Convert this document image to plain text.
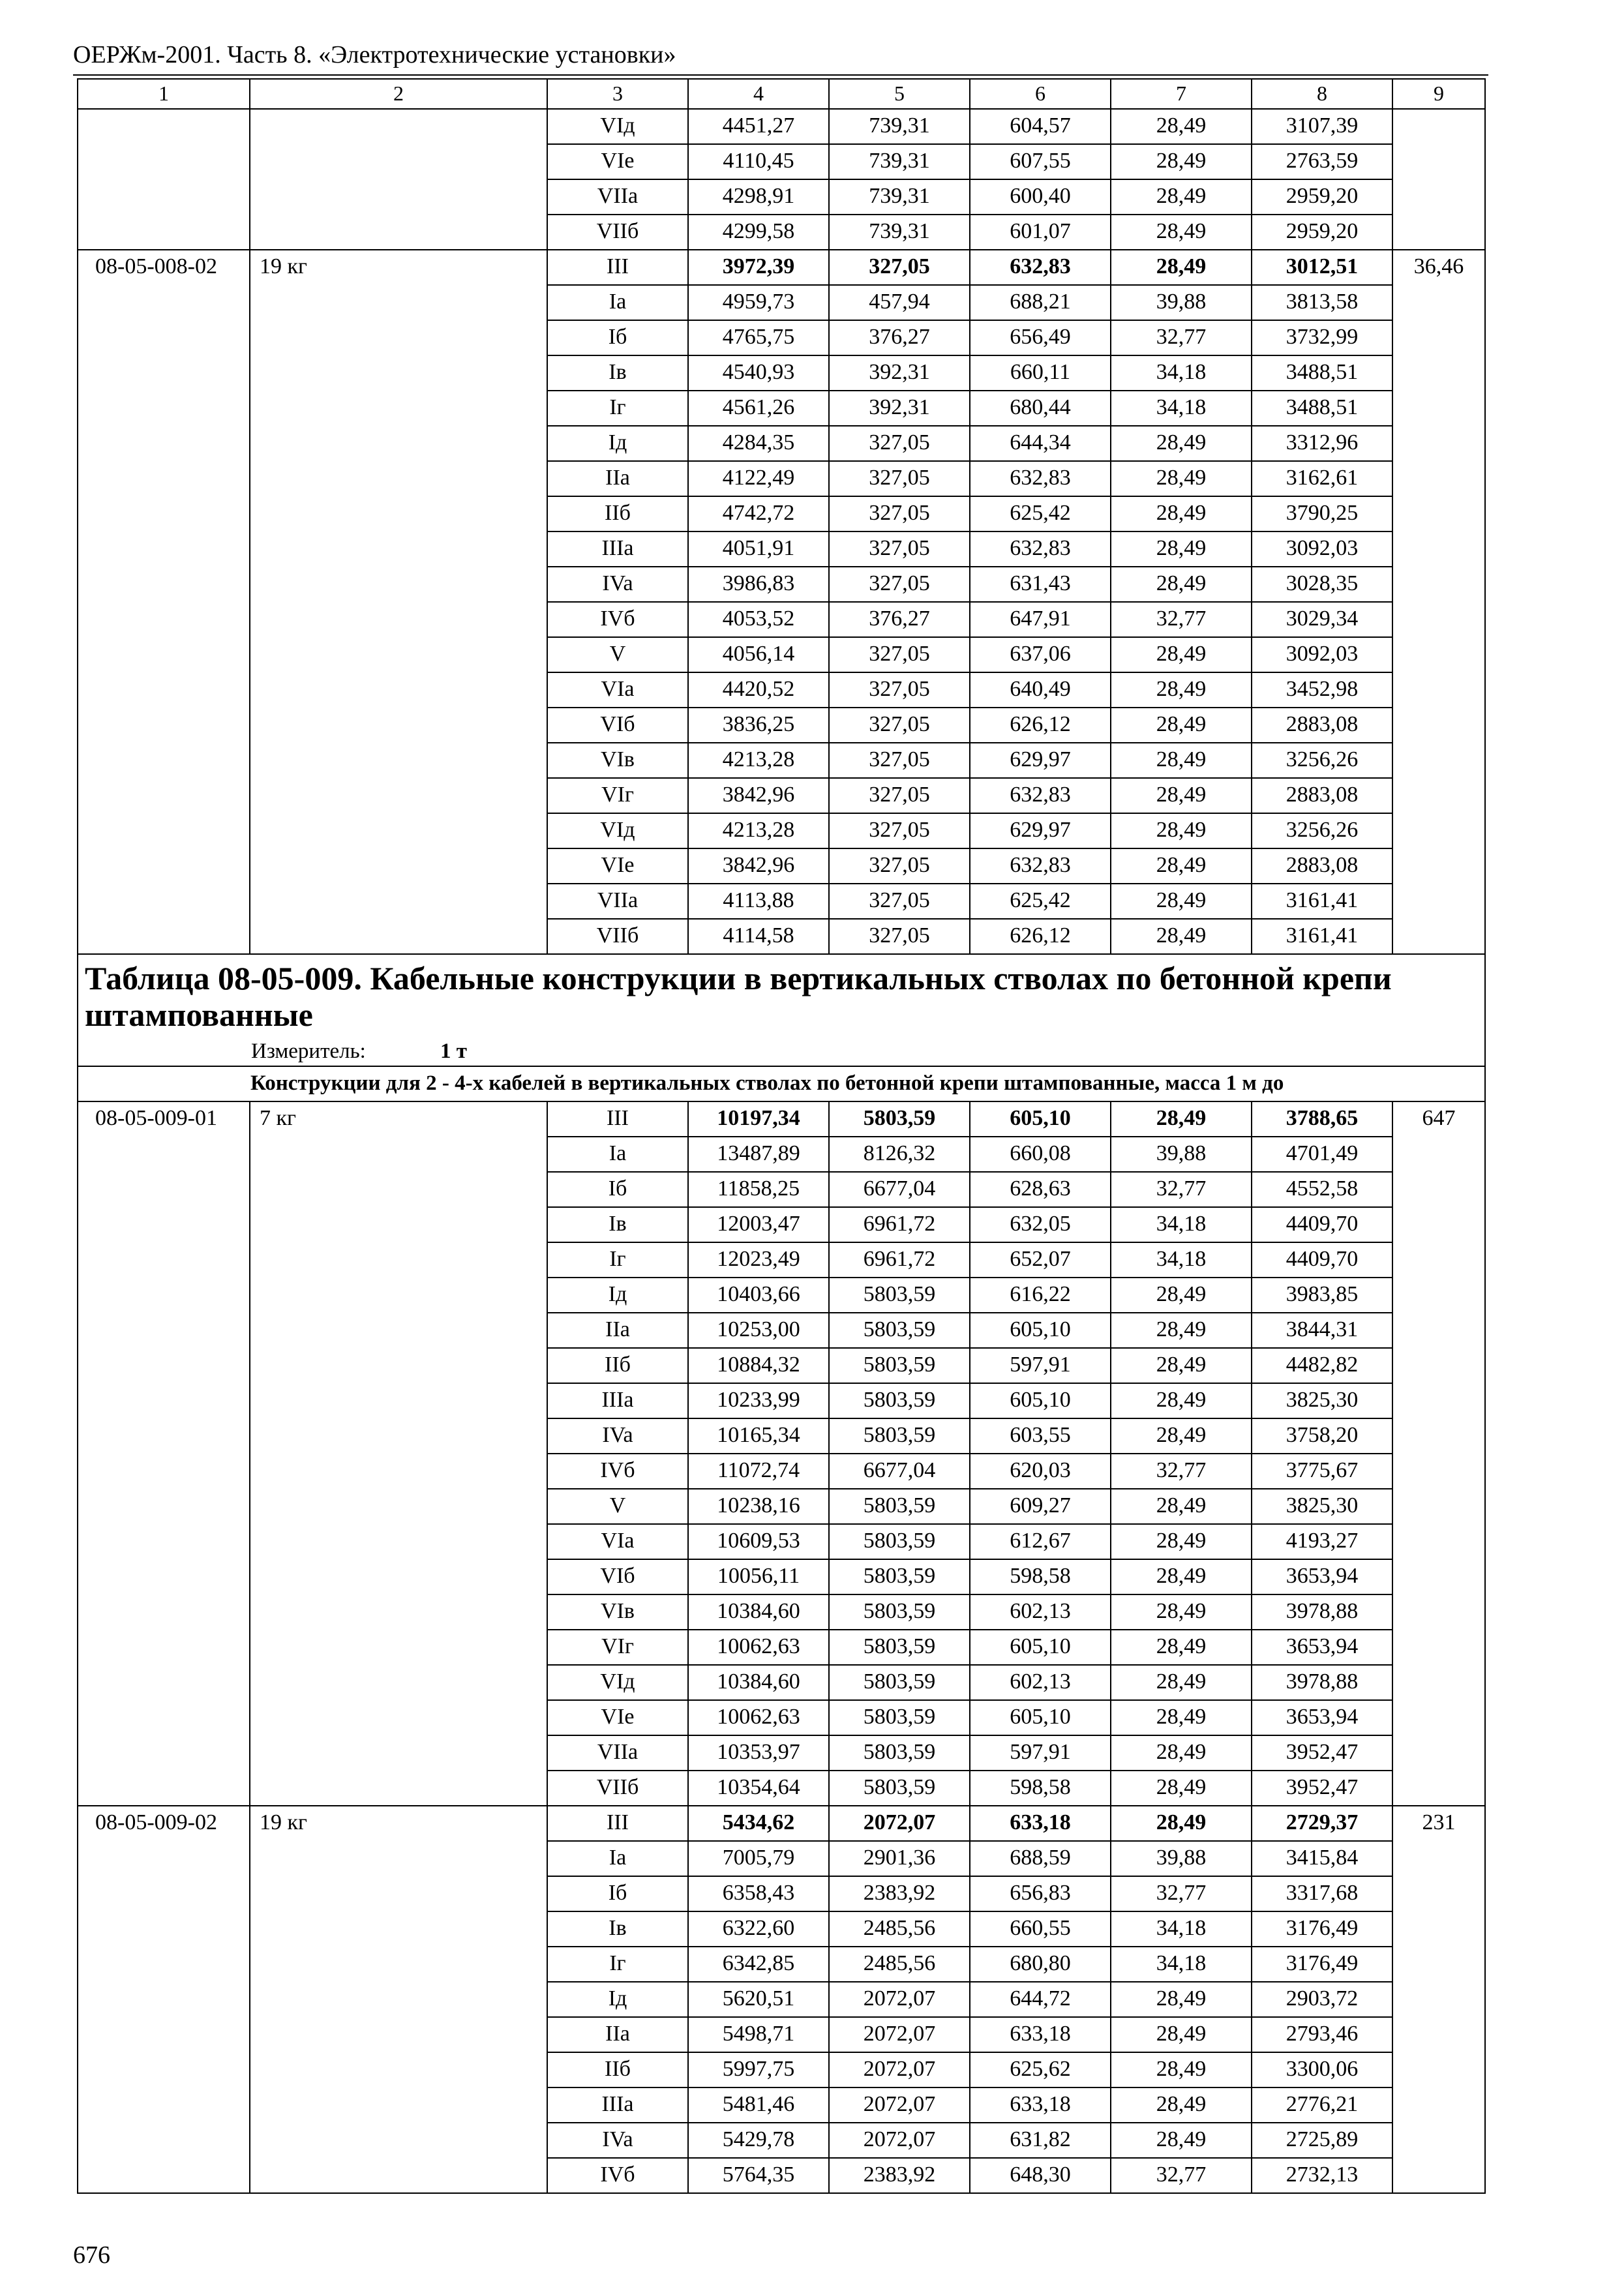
ОЕРЖм-2001. Часть 8. «Электротехнические установки»
1	2	3	4	5	6	7	8	9
		VIд	4451,27	739,31	604,57	28,49	3107,39	
		VIe	4110,45	739,31	607,55	28,49	2763,59	
		VIIa	4298,91	739,31	600,40	28,49	2959,20	
		VIIб	4299,58	739,31	601,07	28,49	2959,20	
08-05-008-02	19 кг	III	3972,39	327,05	632,83	28,49	3012,51	36,46
		Ia	4959,73	457,94	688,21	39,88	3813,58	
		Iб	4765,75	376,27	656,49	32,77	3732,99	
		Iв	4540,93	392,31	660,11	34,18	3488,51	
		Iг	4561,26	392,31	680,44	34,18	3488,51	
		Iд	4284,35	327,05	644,34	28,49	3312,96	
		IIa	4122,49	327,05	632,83	28,49	3162,61	
		IIб	4742,72	327,05	625,42	28,49	3790,25	
		IIIa	4051,91	327,05	632,83	28,49	3092,03	
		IVa	3986,83	327,05	631,43	28,49	3028,35	
		IVб	4053,52	376,27	647,91	32,77	3029,34	
		V	4056,14	327,05	637,06	28,49	3092,03	
		VIa	4420,52	327,05	640,49	28,49	3452,98	
		VIб	3836,25	327,05	626,12	28,49	2883,08	
		VIв	4213,28	327,05	629,97	28,49	3256,26	
		VIг	3842,96	327,05	632,83	28,49	2883,08	
		VIд	4213,28	327,05	629,97	28,49	3256,26	
		VIe	3842,96	327,05	632,83	28,49	2883,08	
		VIIa	4113,88	327,05	625,42	28,49	3161,41	
		VIIб	4114,58	327,05	626,12	28,49	3161,41	

Таблица 08-05-009. Кабельные конструкции в вертикальных стволах по бетонной крепи штампованные
Измеритель: 1 т								

Конструкции для 2 - 4-х кабелей в вертикальных стволах по бетонной крепи штампованные, масса 1 м до								
08-05-009-01	7 кг	III	10197,34	5803,59	605,10	28,49	3788,65	647
		Ia	13487,89	8126,32	660,08	39,88	4701,49	
		Iб	11858,25	6677,04	628,63	32,77	4552,58	
		Iв	12003,47	6961,72	632,05	34,18	4409,70	
		Iг	12023,49	6961,72	652,07	34,18	4409,70	
		Iд	10403,66	5803,59	616,22	28,49	3983,85	
		IIa	10253,00	5803,59	605,10	28,49	3844,31	
		IIб	10884,32	5803,59	597,91	28,49	4482,82	
		IIIa	10233,99	5803,59	605,10	28,49	3825,30	
		IVa	10165,34	5803,59	603,55	28,49	3758,20	
		IVб	11072,74	6677,04	620,03	32,77	3775,67	
		V	10238,16	5803,59	609,27	28,49	3825,30	
		VIa	10609,53	5803,59	612,67	28,49	4193,27	
		VIб	10056,11	5803,59	598,58	28,49	3653,94	
		VIв	10384,60	5803,59	602,13	28,49	3978,88	
		VIг	10062,63	5803,59	605,10	28,49	3653,94	
		VIд	10384,60	5803,59	602,13	28,49	3978,88	
		VIe	10062,63	5803,59	605,10	28,49	3653,94	
		VIIa	10353,97	5803,59	597,91	28,49	3952,47	
		VIIб	10354,64	5803,59	598,58	28,49	3952,47	
08-05-009-02	19 кг	III	5434,62	2072,07	633,18	28,49	2729,37	231
		Ia	7005,79	2901,36	688,59	39,88	3415,84	
		Iб	6358,43	2383,92	656,83	32,77	3317,68	
		Iв	6322,60	2485,56	660,55	34,18	3176,49	
		Iг	6342,85	2485,56	680,80	34,18	3176,49	
		Iд	5620,51	2072,07	644,72	28,49	2903,72	
		IIa	5498,71	2072,07	633,18	28,49	2793,46	
		IIб	5997,75	2072,07	625,62	28,49	3300,06	
		IIIa	5481,46	2072,07	633,18	28,49	2776,21	
		IVa	5429,78	2072,07	631,82	28,49	2725,89	
		IVб	5764,35	2383,92	648,30	32,77	2732,13	
676
